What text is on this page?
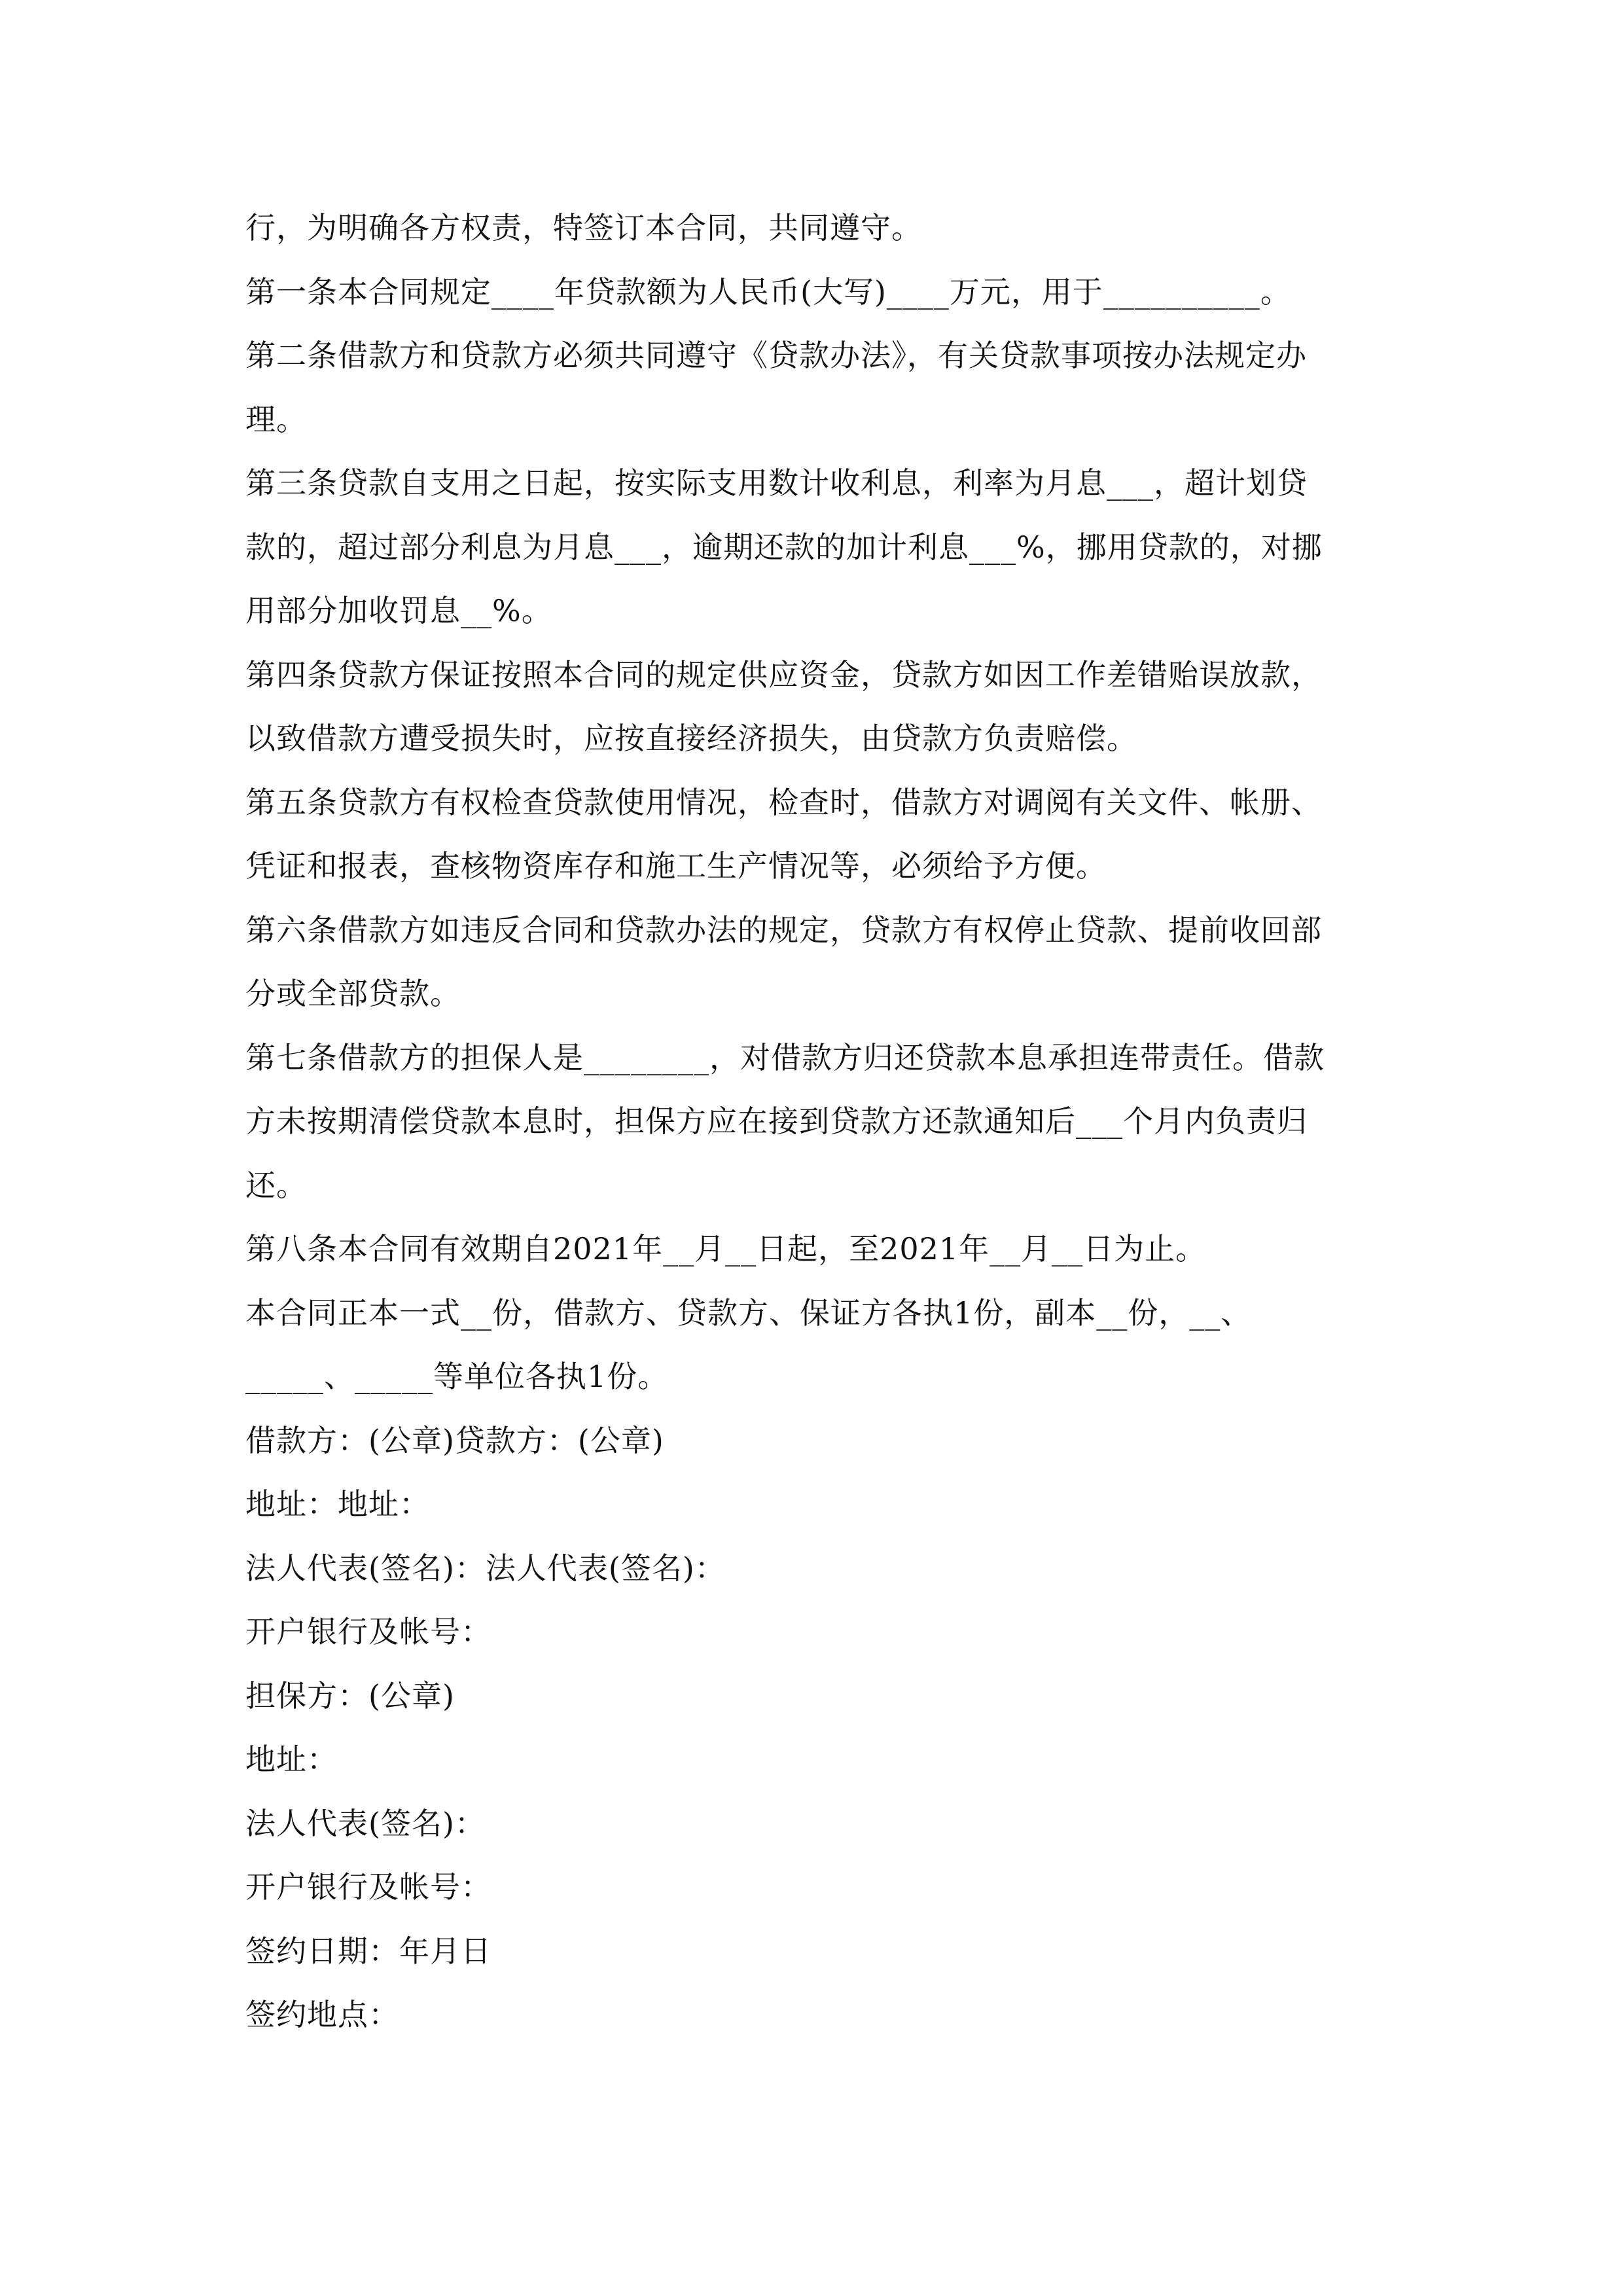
行，为明确各方权责，特签订本合同，共同遵守。
第一条本合同规定____年贷款额为人民币(大写)____万元，用于__________。
第二条借款方和贷款方必须共同遵守《贷款办法》，有关贷款事项按办法规定办
理。
第三条贷款自支用之日起，按实际支用数计收利息，利率为月息___，超计划贷
款的，超过部分利息为月息___，逾期还款的加计利息___%，挪用贷款的，对挪
用部分加收罚息__%。
第四条贷款方保证按照本合同的规定供应资金，贷款方如因工作差错贻误放款，
以致借款方遭受损失时，应按直接经济损失，由贷款方负责赔偿。
第五条贷款方有权检查贷款使用情况，检查时，借款方对调阅有关文件、帐册、
凭证和报表，查核物资库存和施工生产情况等，必须给予方便。
第六条借款方如违反合同和贷款办法的规定，贷款方有权停止贷款、提前收回部
分或全部贷款。
第七条借款方的担保人是________，对借款方归还贷款本息承担连带责任。借款
方未按期清偿贷款本息时，担保方应在接到贷款方还款通知后___个月内负责归
还。
第八条本合同有效期自2021年__月__日起，至2021年__月__日为止。
本合同正本一式__份，借款方、贷款方、保证方各执1份，副本__份，__、
_____、_____等单位各执1份。
借款方：(公章)贷款方：(公章)
地址：地址：
法人代表(签名)：法人代表(签名)：
开户银行及帐号：
担保方：(公章)
地址：
法人代表(签名)：
开户银行及帐号：
签约日期：年月日
签约地点：
